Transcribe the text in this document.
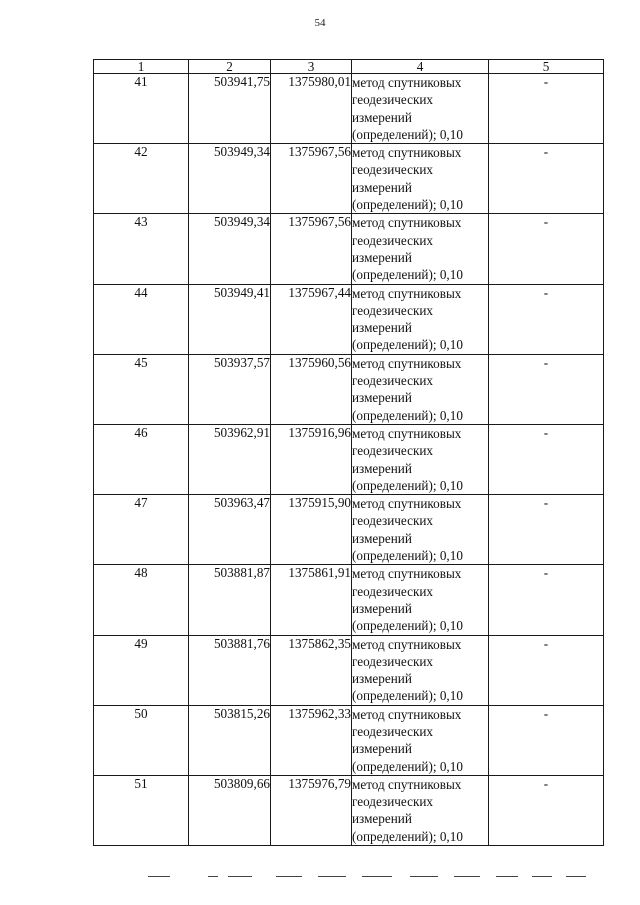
54
1	2	3	4	5
41	503941,75	1375980,01	метод спутниковых
геодезических
измерений
(определений); 0,10	-
42	503949,34	1375967,56	метод спутниковых
геодезических
измерений
(определений); 0,10	-
43	503949,34	1375967,56	метод спутниковых
геодезических
измерений
(определений); 0,10	-
44	503949,41	1375967,44	метод спутниковых
геодезических
измерений
(определений); 0,10	-
45	503937,57	1375960,56	метод спутниковых
геодезических
измерений
(определений); 0,10	-
46	503962,91	1375916,96	метод спутниковых
геодезических
измерений
(определений); 0,10	-
47	503963,47	1375915,90	метод спутниковых
геодезических
измерений
(определений); 0,10	-
48	503881,87	1375861,91	метод спутниковых
геодезических
измерений
(определений); 0,10	-
49	503881,76	1375862,35	метод спутниковых
геодезических
измерений
(определений); 0,10	-
50	503815,26	1375962,33	метод спутниковых
геодезических
измерений
(определений); 0,10	-
51	503809,66	1375976,79	метод спутниковых
геодезических
измерений
(определений); 0,10	-
